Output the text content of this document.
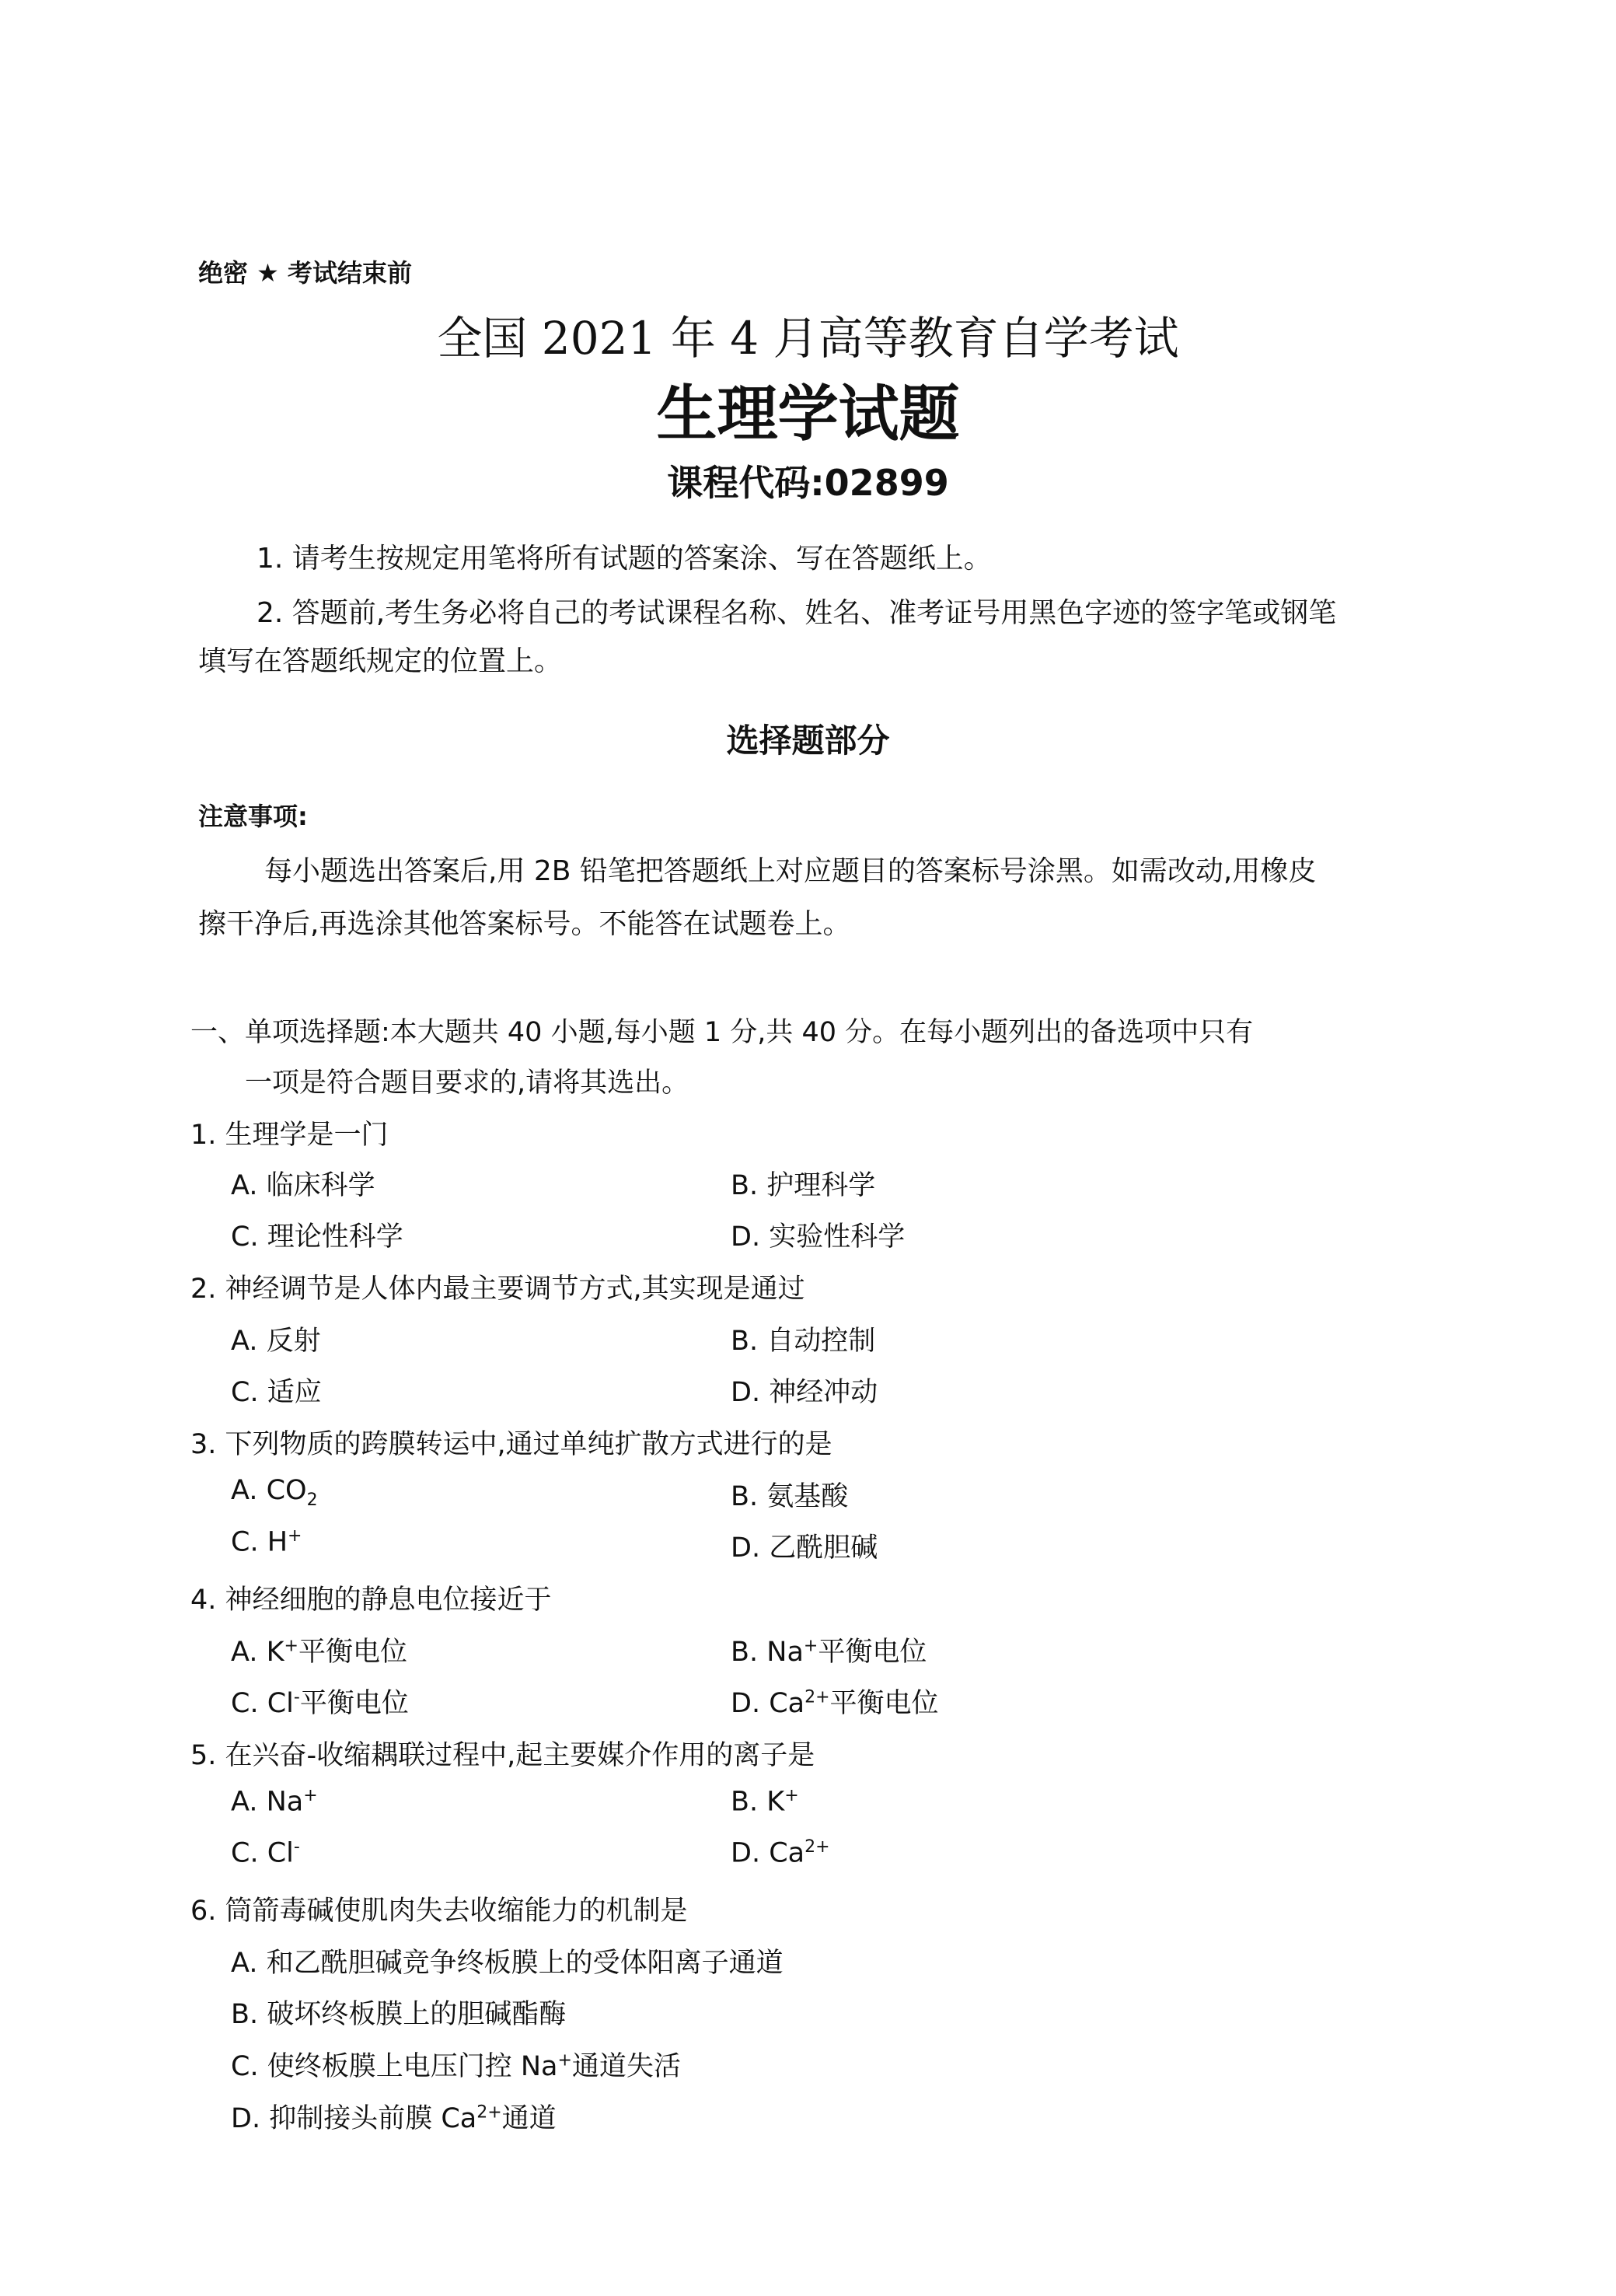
绝密 ★ 考试结束前
全国 2021 年 4 月高等教育自学考试
生理学试题
课程代码:02899
1. 请考生按规定用笔将所有试题的答案涂、写在答题纸上。
2. 答题前,考生务必将自己的考试课程名称、姓名、准考证号用黑色字迹的签字笔或钢笔
填写在答题纸规定的位置上。
选择题部分
注意事项:
每小题选出答案后,用 2B 铅笔把答题纸上对应题目的答案标号涂黑。如需改动,用橡皮
擦干净后,再选涂其他答案标号。不能答在试题卷上。
一、单项选择题:本大题共 40 小题,每小题 1 分,共 40 分。在每小题列出的备选项中只有
一项是符合题目要求的,请将其选出。
1. 生理学是一门
A. 临床科学	B. 护理科学
C. 理论性科学	D. 实验性科学
2. 神经调节是人体内最主要调节方式,其实现是通过
A. 反射	B. 自动控制
C. 适应	D. 神经冲动
3. 下列物质的跨膜转运中,通过单纯扩散方式进行的是
A. $CO_2$	B. 氨基酸
C. H+	D. 乙酰胆碱
4. 神经细胞的静息电位接近于
A. K+平衡电位	B. Na+平衡电位
C. Cl-平衡电位	D. $Ca^{2+}$平衡电位
5. 在兴奋-收缩耦联过程中,起主要媒介作用的离子是
A. Na+	B. K+
C. Cl-	D. $Ca^{2+}$
6. 筒箭毒碱使肌肉失去收缩能力的机制是
A. 和乙酰胆碱竞争终板膜上的受体阳离子通道
B. 破坏终板膜上的胆碱酯酶
C. 使终板膜上电压门控 Na+通道失活
D. 抑制接头前膜 $Ca^{2+}$通道
